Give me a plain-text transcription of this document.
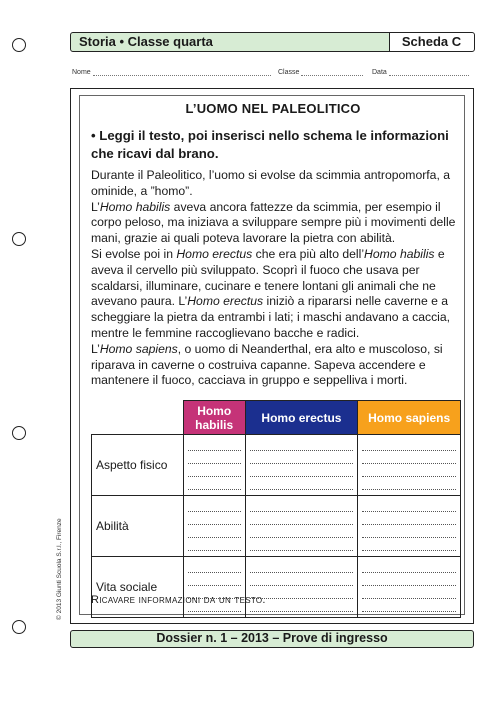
Storia • Classe quarta	Scheda C
Nome	Classe	Data
L’UOMO NEL PALEOLITICO
• Leggi il testo, poi inserisci nello schema le informazioni che ricavi dal brano.

Durante il Paleolitico, l’uomo si evolse da scimmia antropomorfa, a ominide, a ”homo”.

L’Homo habilis aveva ancora fattezze da scimmia, per esempio il corpo peloso, ma iniziava a sviluppare sempre più i movimenti delle mani, grazie ai quali poteva lavorare la pietra con abilità.

Si evolse poi in Homo erectus che era più alto dell’Homo habilis e aveva il cervello più sviluppato. Scoprì il fuoco che usava per scaldarsi, illuminare, cucinare e tenere lontani gli animali che ne avevano paura. L’Homo erectus iniziò a ripararsi nelle caverne e a scheggiare la pietra da entrambi i lati; i maschi andavano a caccia, mentre le femmine raccoglievano bacche e radici.

L’Homo sapiens, o uomo di Neanderthal, era alto e muscoloso, si riparava in caverne o costruiva capanne. Sapeva accendere e mantenere il fuoco, cacciava in gruppo e seppelliva i morti.

	Homo habilis	Homo erectus	Homo sapiens
Aspetto fisico	

Abilità	

Vita sociale	

Ricavare informazioni da un testo.
© 2013 Giunti Scuola S.r.l., Firenze
Dossier n. 1 – 2013 – Prove di ingresso
